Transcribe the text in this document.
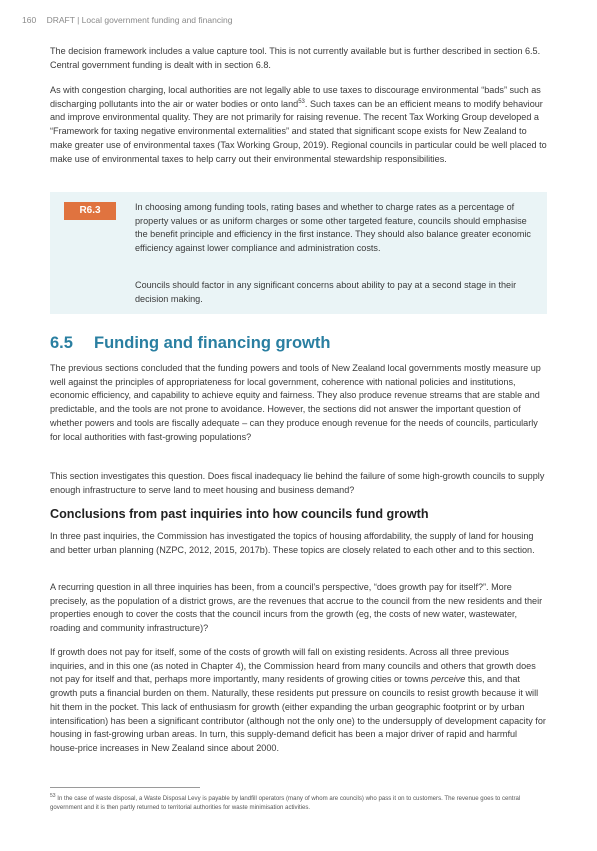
160 DRAFT | Local government funding and financing

The decision framework includes a value capture tool. This is not currently available but is further described in section 6.5. Central government funding is dealt with in section 6.8.

As with congestion charging, local authorities are not legally able to use taxes to discourage environmental “bads” such as discharging pollutants into the air or water bodies or onto land$^{53}$. Such taxes can be an efficient means to modify behaviour and improve environmental quality. They are not primarily for raising revenue. The recent Tax Working Group developed a “Framework for taxing negative environmental externalities” and stated that significant scope exists for New Zealand to make greater use of environmental taxes (Tax Working Group, 2019). Regional councils in particular could be well placed to make use of environmental taxes to help carry out their environmental stewardship responsibilities.

R6.3	In choosing among funding tools, rating bases and whether to charge rates as a percentage of property values or as uniform charges or some other targeted feature, councils should emphasise the benefit principle and efficiency in the first instance. They should also balance greater economic efficiency against lower compliance and administration costs.

Councils should factor in any significant concerns about ability to pay at a second stage in their decision making.

6.5 Funding and financing growth

The previous sections concluded that the funding powers and tools of New Zealand local governments mostly measure up well against the principles of appropriateness for local government, coherence with national policies and institutions, economic efficiency, and capability to achieve equity and fairness. They also produce revenue streams that are stable and predictable, and the tools are not prone to avoidance. However, the sections did not answer the important question of whether powers and tools are fiscally adequate – can they produce enough revenue for the needs of councils, particularly for local authorities with fast-growing populations?

This section investigates this question. Does fiscal inadequacy lie behind the failure of some high-growth councils to supply enough infrastructure to serve land to meet housing and business demand?

Conclusions from past inquiries into how councils fund growth

In three past inquiries, the Commission has investigated the topics of housing affordability, the supply of land for housing and better urban planning (NZPC, 2012, 2015, 2017b). These topics are closely related to each other and to this section.

A recurring question in all three inquiries has been, from a council’s perspective, “does growth pay for itself?”. More precisely, as the population of a district grows, are the revenues that accrue to the council from the new residents and their properties enough to cover the costs that the council incurs from the growth (eg, the costs of new water, wastewater, roading and community infrastructure)?

If growth does not pay for itself, some of the costs of growth will fall on existing residents. Across all three previous inquiries, and in this one (as noted in Chapter 4), the Commission heard from many councils and others that growth does not pay for itself and that, perhaps more importantly, many residents of growing cities or towns perceive this, and that growth puts a financial burden on them. Naturally, these residents put pressure on councils to resist growth because it will hit them in the pocket. This lack of enthusiasm for growth (either expanding the urban geographic footprint or by urban intensification) has been a significant contributor (although not the only one) to the undersupply of development capacity for housing in fast-growing urban areas. In turn, this supply-demand deficit has been a major driver of rapid and harmful house-price increases in New Zealand since about 2000.

$^{53}$ In the case of waste disposal, a Waste Disposal Levy is payable by landfill operators (many of whom are councils) who pass it on to customers. The revenue goes to central government and it is then partly returned to territorial authorities for waste minimisation activities.
